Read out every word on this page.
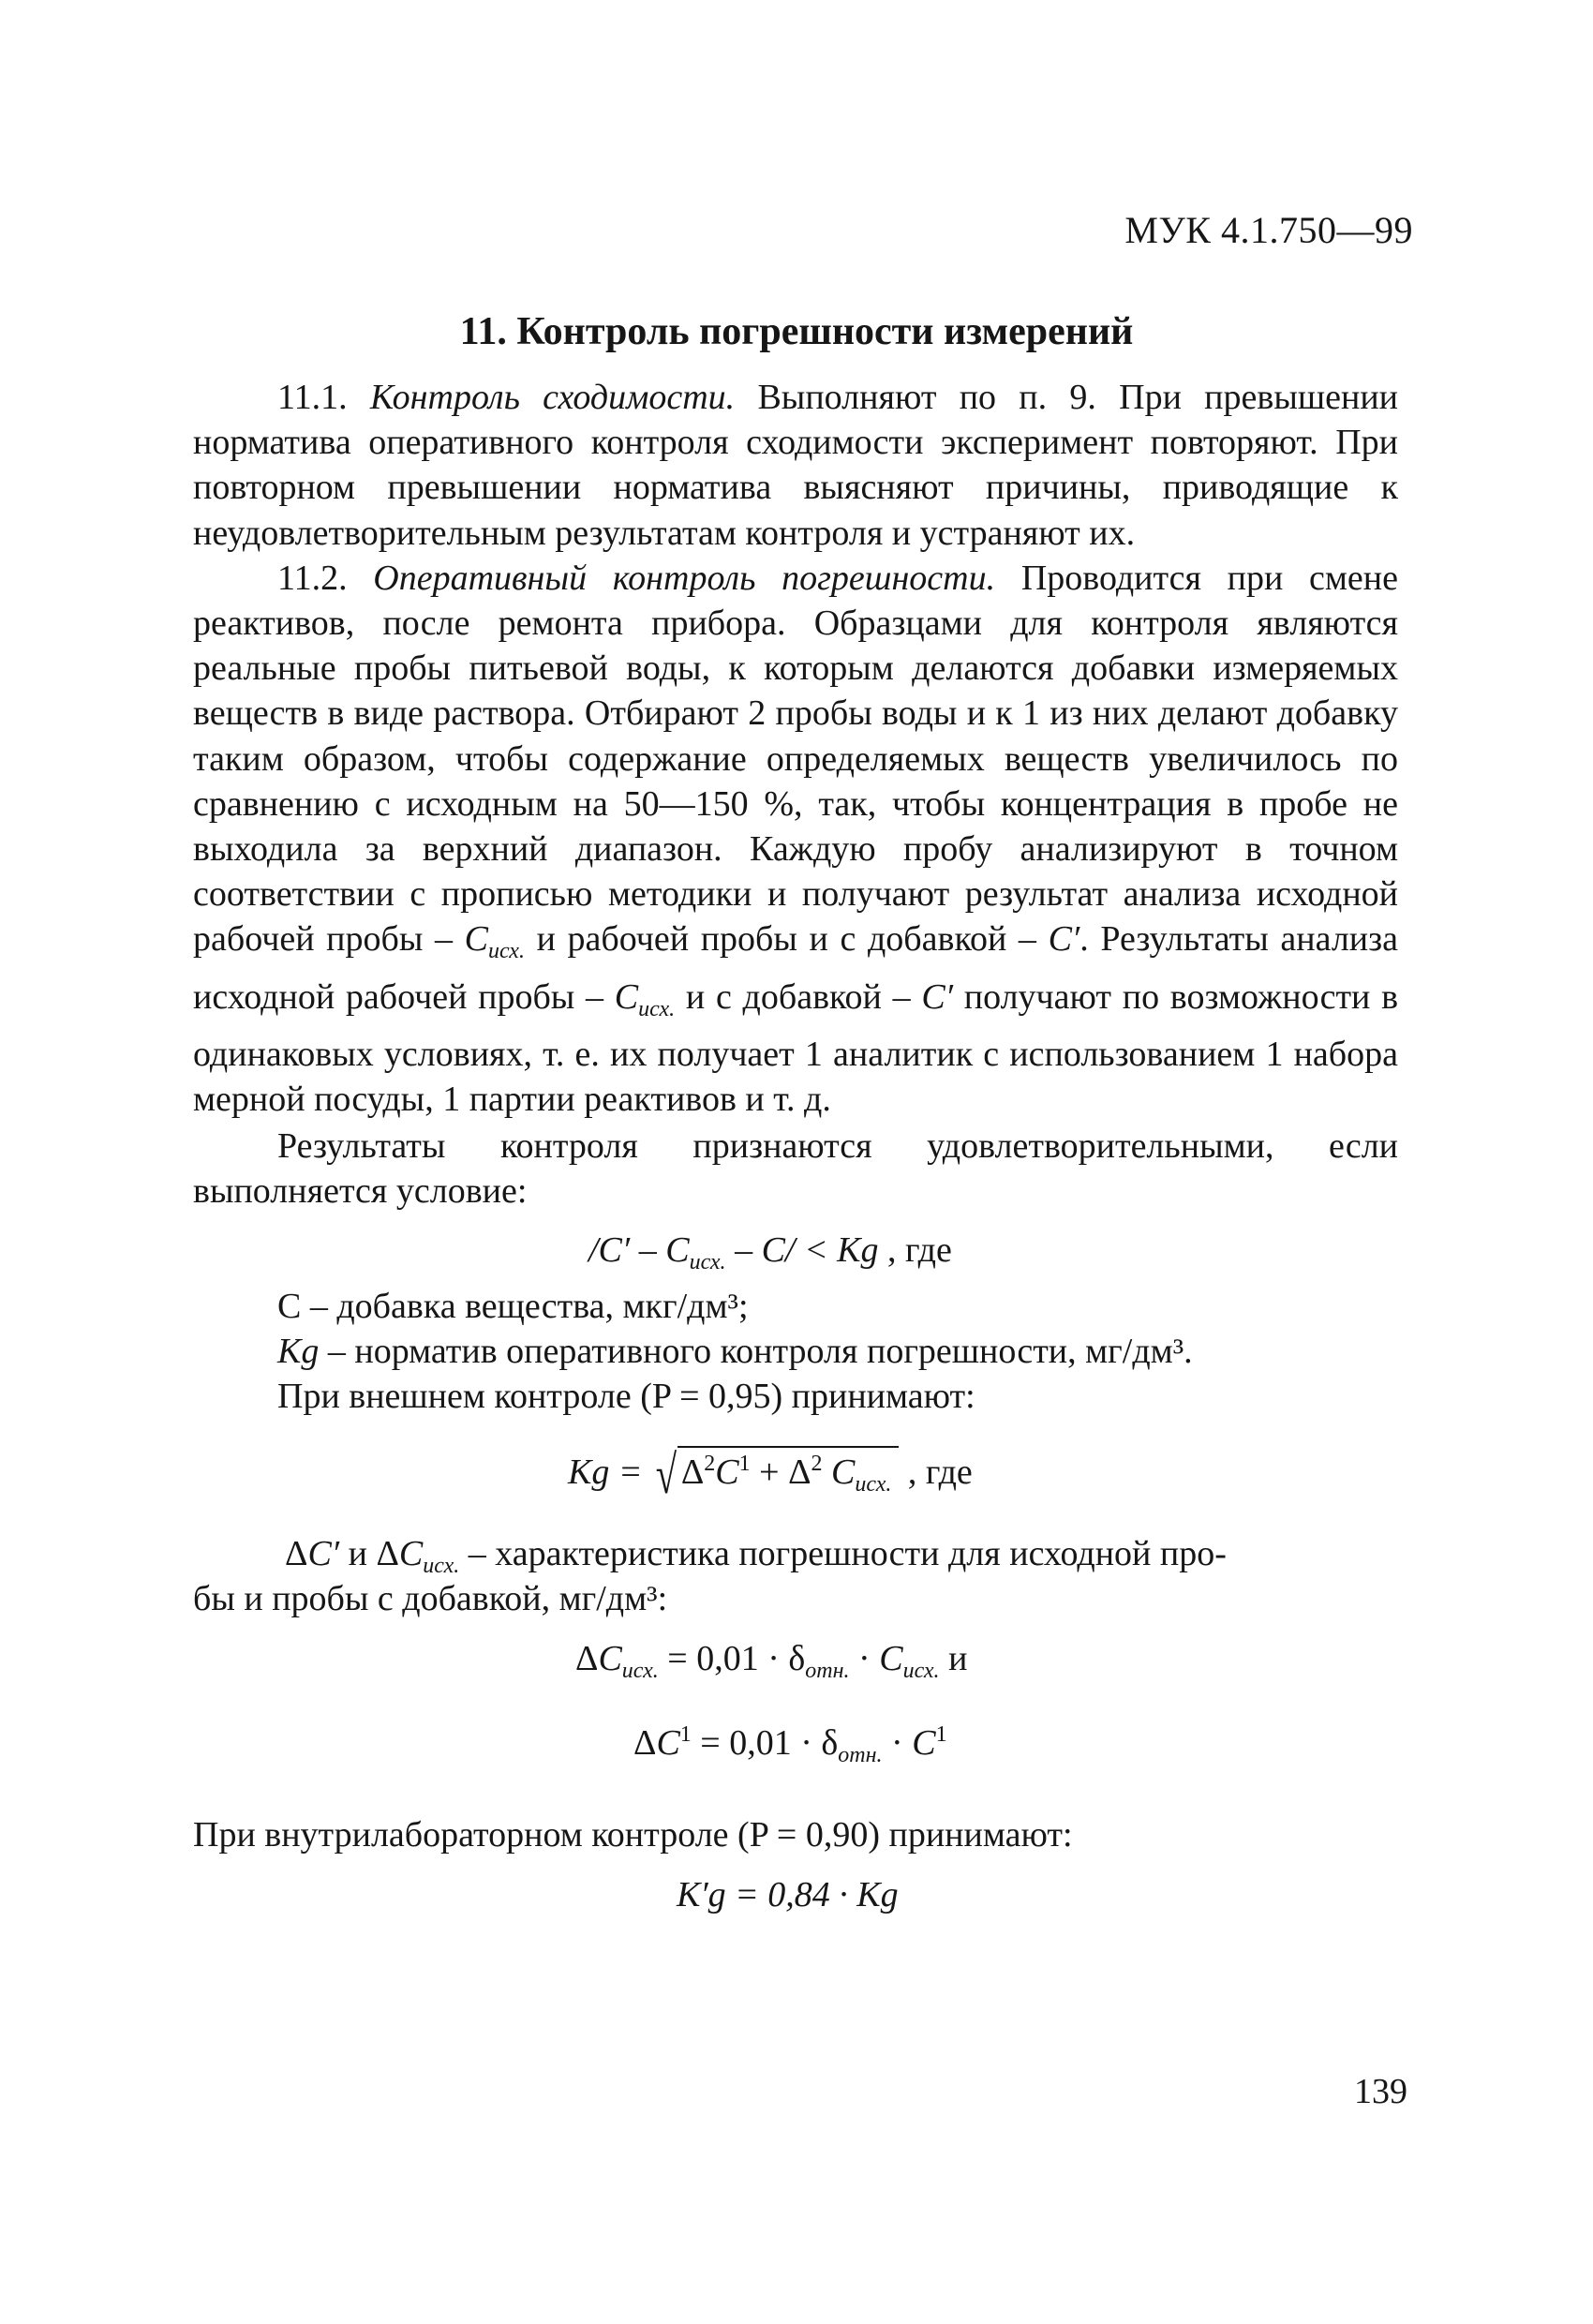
МУК 4.1.750—99
11. Контроль погрешности измерений

11.1. Контроль сходимости. Выполняют по п. 9. При превышении норматива оперативного контроля сходимости эксперимент повторяют. При повторном превышении норматива выясняют причины, приводящие к неудовлетворительным результатам контроля и устраняют их.

11.2. Оперативный контроль погрешности. Проводится при смене реактивов, после ремонта прибора. Образцами для контроля являются реальные пробы питьевой воды, к которым делаются добавки измеряемых веществ в виде раствора. Отбирают 2 пробы воды и к 1 из них делают добавку таким образом, чтобы содержание определяемых веществ увеличилось по сравнению с исходным на 50—150 %, так, чтобы концентрация в пробе не выходила за верхний диапазон. Каждую пробу анализируют в точном соответствии с прописью методики и получают результат анализа исходной рабочей пробы – $C_{исх.}$ и рабочей пробы и с добавкой – C′. Результаты анализа исходной рабочей пробы – $C_{исх.}$ и с добавкой – C′ получают по возможности в одинаковых условиях, т. е. их получает 1 аналитик с использованием 1 набора мерной посуды, 1 партии реактивов и т. д.

Результаты контроля признаются удовлетворительными, если выполняется условие:

$/C' - C_{исх.} - C/ < Kg$ , где
С – добавка вещества, мкг/дм³;
Kg – норматив оперативного контроля погрешности, мг/дм³.
При внешнем контроле (P = 0,95) принимают:
Kg = √ $\Delta^2C^1 + \Delta^2$ $C_{исх.}$ , где
ΔC′ и $\Delta C_{исх.}$ – характеристика погрешности для исходной про-
бы и пробы с добавкой, мг/дм³:
$\Delta C_{исх.} = 0,01 \cdot \delta_{отн.} \cdot C_{исх.}$ и
$\Delta C^1 = 0,01 \cdot \delta_{отн.} \cdot C^1$
При внутрилабораторном контроле (P = 0,90) принимают:
K′g = 0,84 · Kg
139
